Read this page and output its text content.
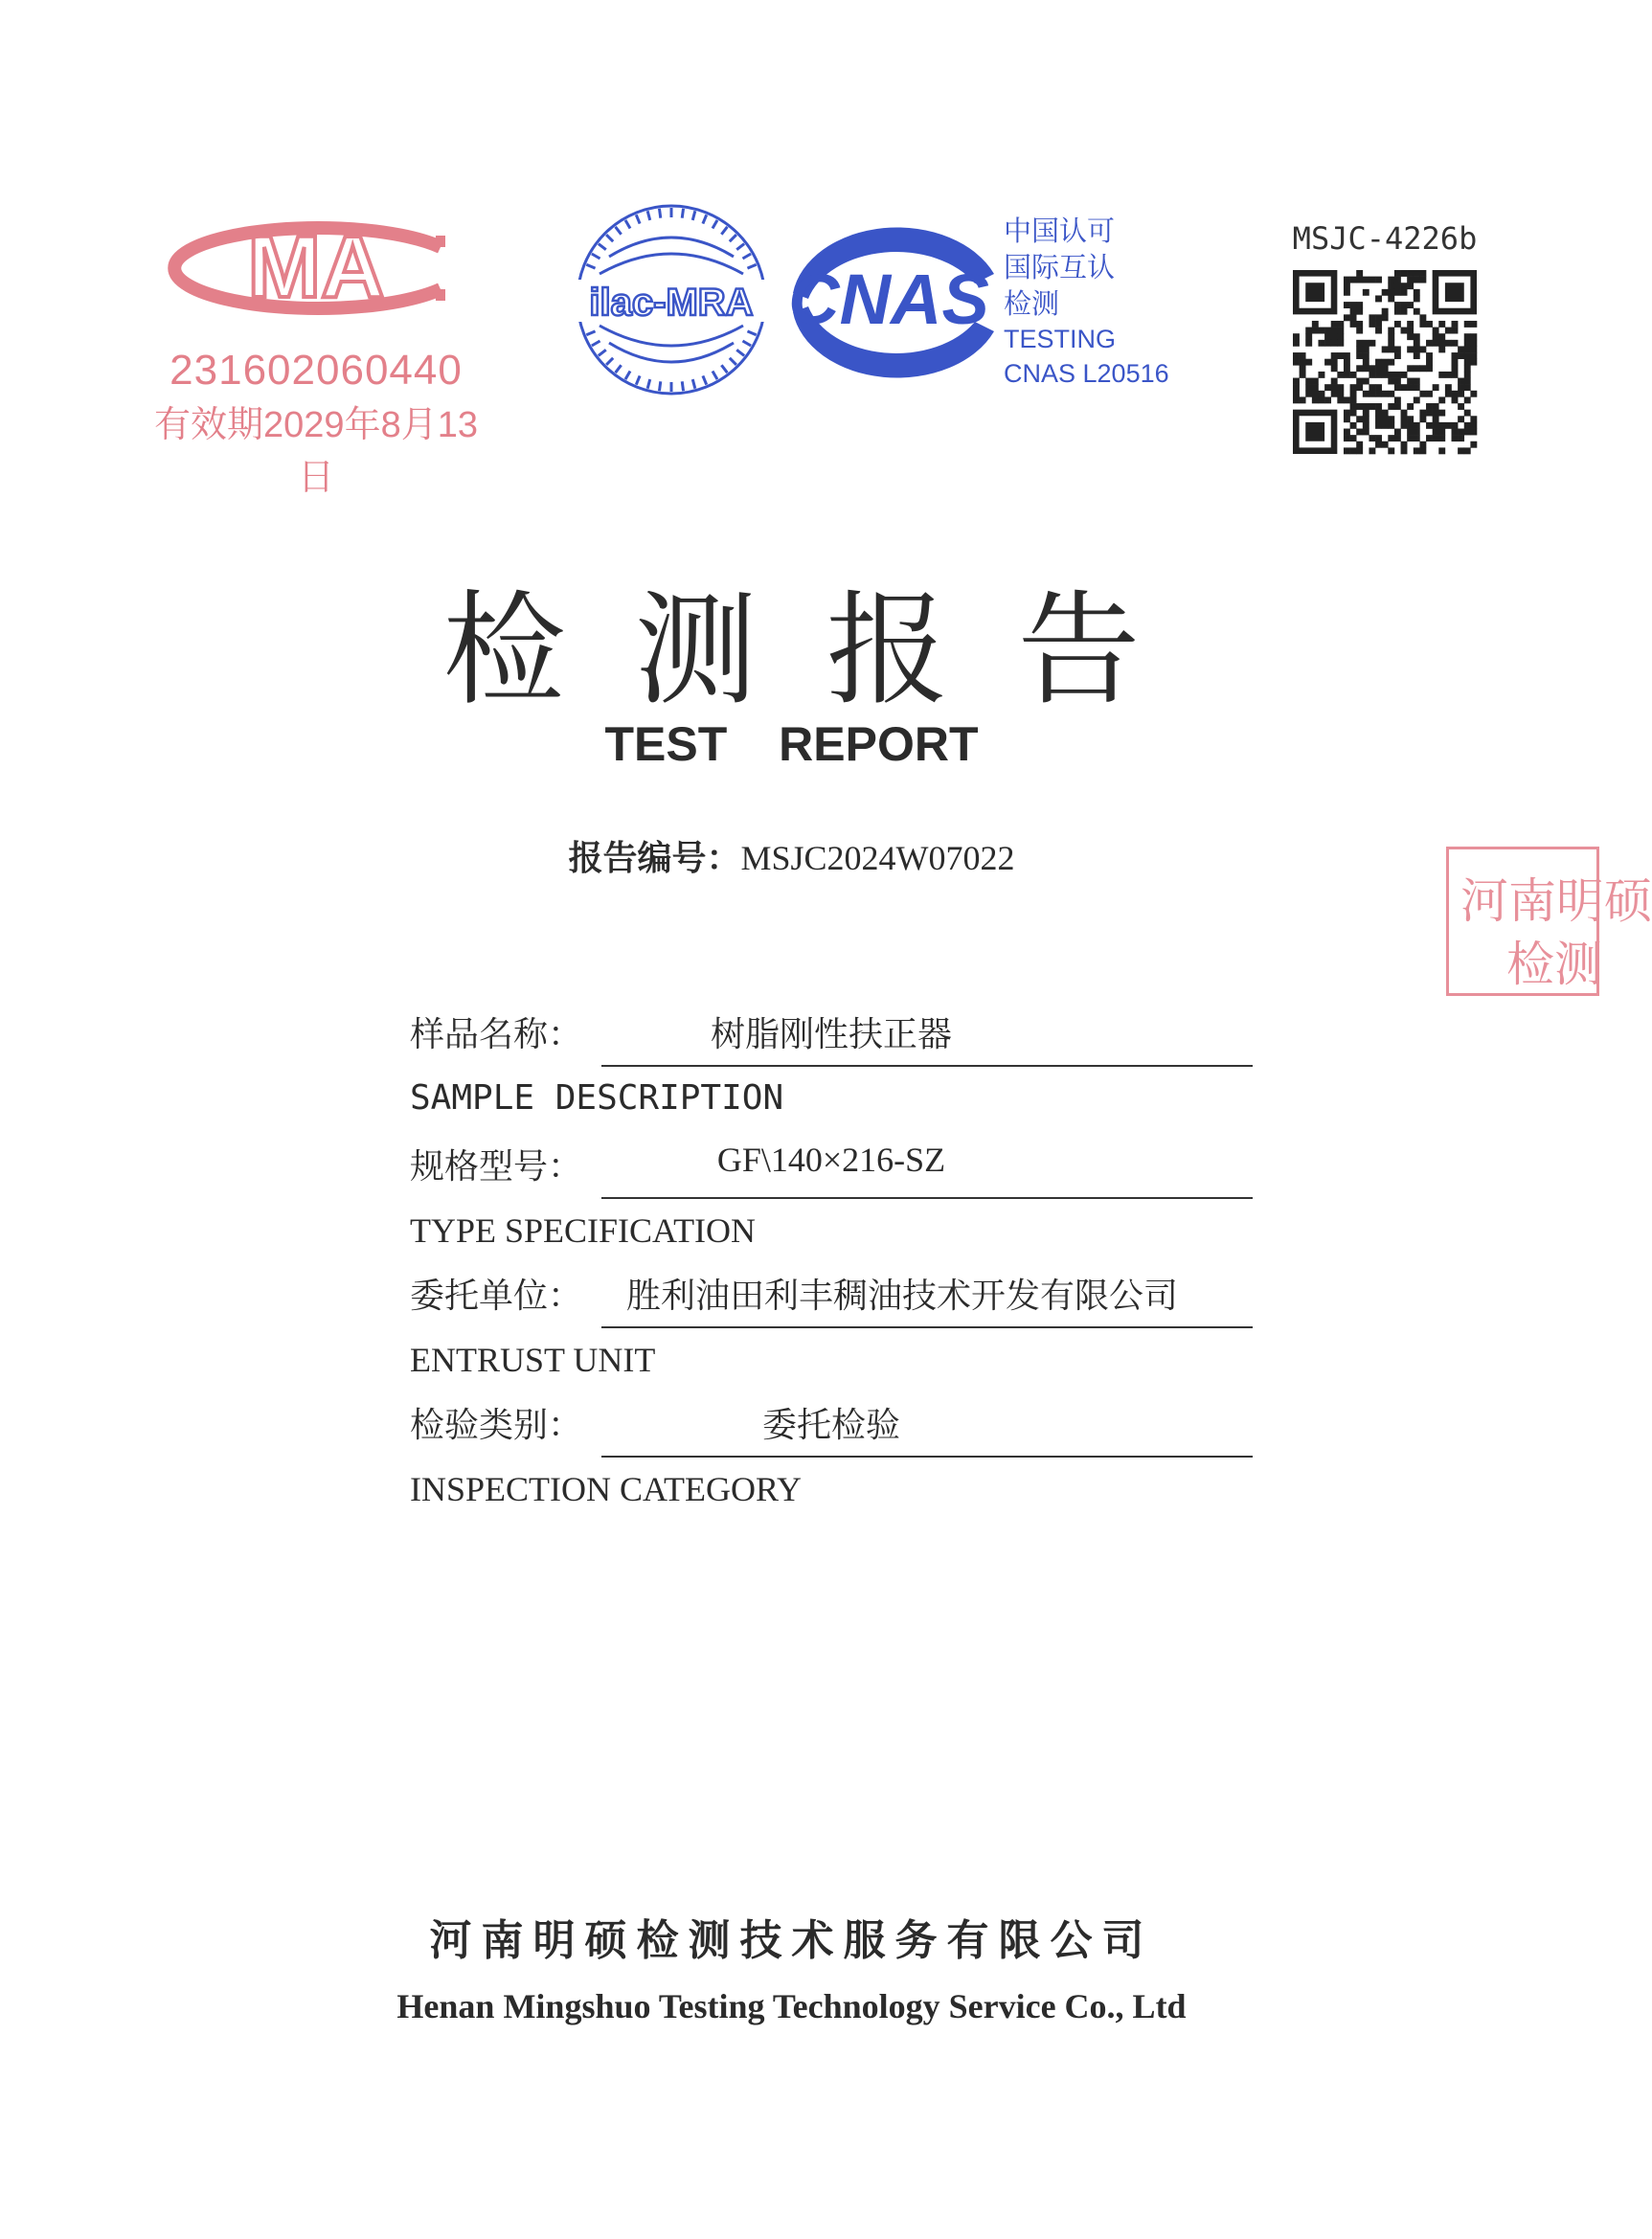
MA
231602060440
有效期2029年8月13日
ilac-MRA CNAS
中国认可
国际互认
检测
TESTING
CNAS L20516
MSJC-4226b
河南明硕
检测
检测报告
TEST REPORT
报告编号：MSJC2024W07022
样品名称：	树脂刚性扶正器
SAMPLE DESCRIPTION
规格型号：	GF\140×216-SZ
TYPE SPECIFICATION
委托单位： 胜利油田利丰稠油技术开发有限公司
ENTRUST UNIT
检验类别：	委托检验
INSPECTION CATEGORY
河南明硕检测技术服务有限公司
Henan Mingshuo Testing Technology Service Co., Ltd
